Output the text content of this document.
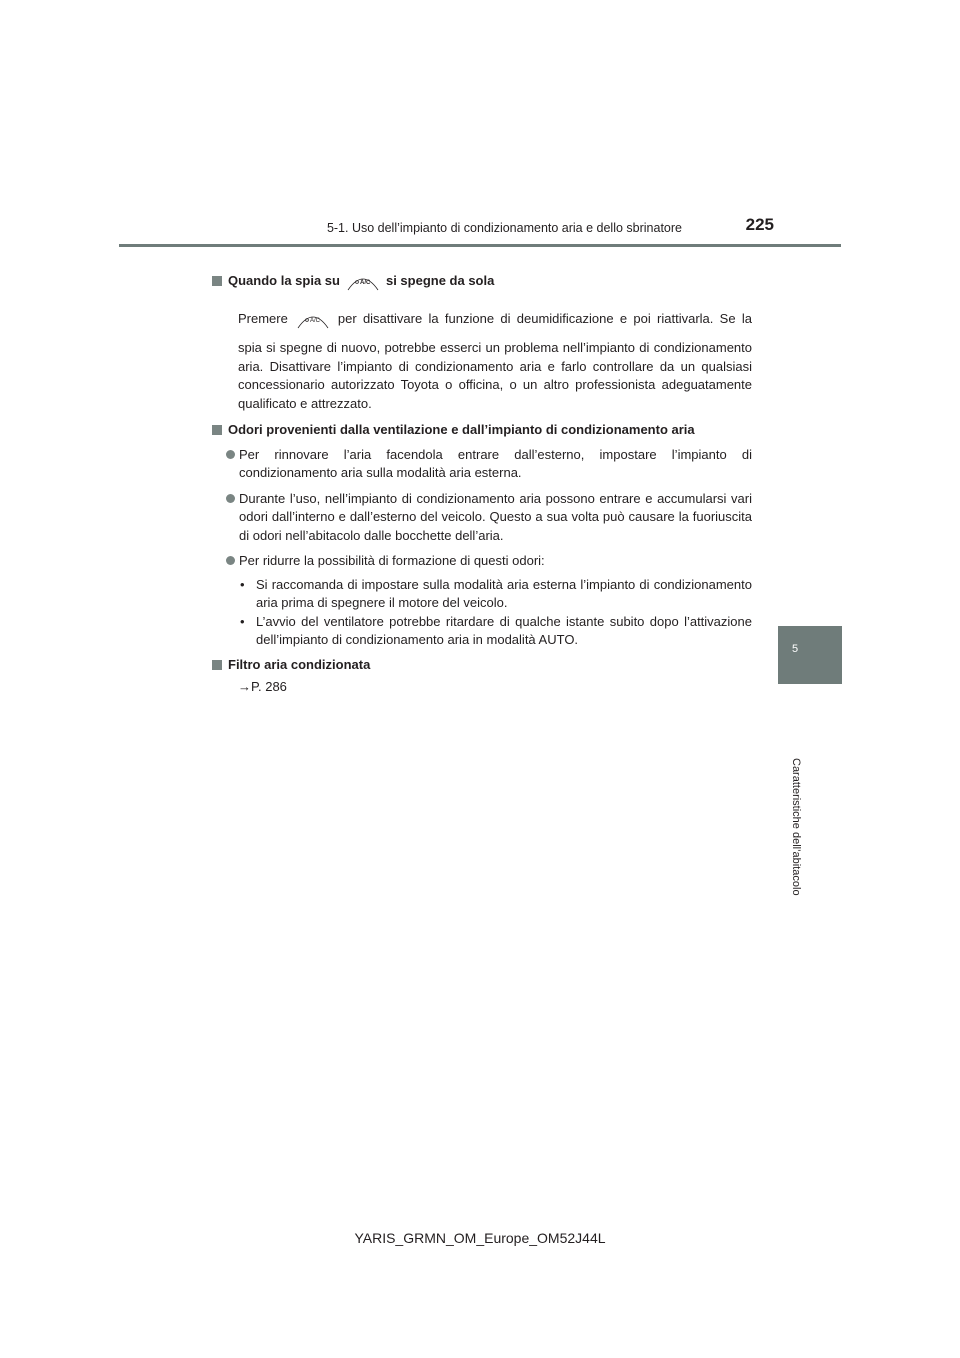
5-1. Uso dell’impianto di condizionamento aria e dello sbrinatore	225
5
Caratteristiche dell’abitacolo
Quando la spia su	A/C si spegne da sola

Premere	A/C per disattivare la funzione di deumidificazione e poi riattivarla. Se la

spia si spegne di nuovo, potrebbe esserci un problema nell’impianto di condizionamento aria. Disattivare l’impianto di condizionamento aria e farlo controllare da un qualsiasi concessionario autorizzato Toyota o officina, o un altro professionista adeguatamente qualificato e attrezzato.

Odori provenienti dalla ventilazione e dall’impianto di condizionamento aria
Per rinnovare l’aria facendola entrare dall’esterno, impostare l’impianto di condizionamento aria sulla modalità aria esterna.
Durante l’uso, nell’impianto di condizionamento aria possono entrare e accumularsi vari odori dall’interno e dall’esterno del veicolo. Questo a sua volta può causare la fuoriuscita di odori nell’abitacolo dalle bocchette dell’aria.
Per ridurre la possibilità di formazione di questi odori:
• Si raccomanda di impostare sulla modalità aria esterna l’impianto di condizionamento aria prima di spegnere il motore del veicolo.
• L’avvio del ventilatore potrebbe ritardare di qualche istante subito dopo l’attivazione dell’impianto di condizionamento aria in modalità AUTO.
Filtro aria condizionata
→P. 286
YARIS_GRMN_OM_Europe_OM52J44L
